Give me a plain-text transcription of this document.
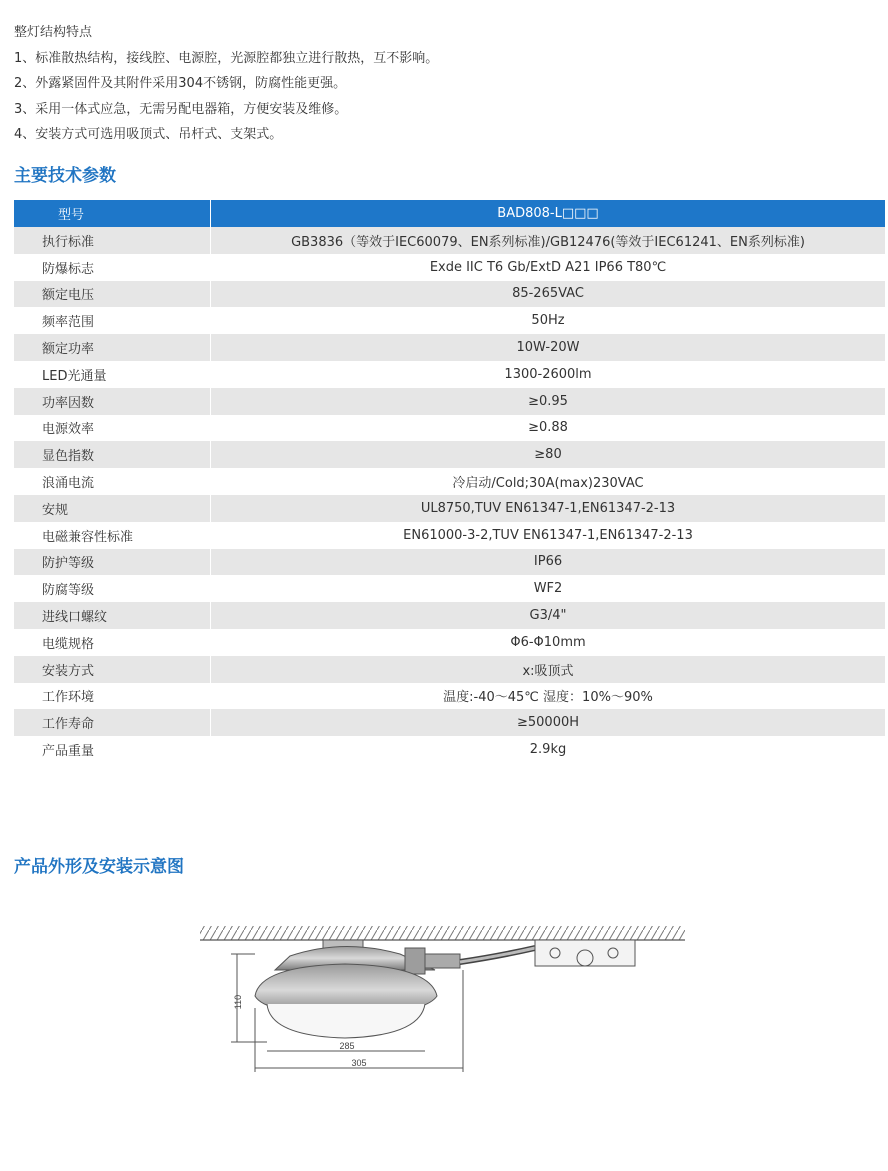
整灯结构特点
1、标准散热结构，接线腔、电源腔，光源腔都独立进行散热，互不影响。
2、外露紧固件及其附件采用304不锈钢，防腐性能更强。
3、采用一体式应急，无需另配电器箱，方便安装及维修。
4、安装方式可选用吸顶式、吊杆式、支架式。
主要技术参数
型号	BAD808-L□□□
执行标准	GB3836（等效于IEC60079、EN系列标准)/GB12476(等效于IEC61241、EN系列标准)
防爆标志	Exde IIC T6 Gb/ExtD A21 IP66 T80℃
额定电压	85-265VAC
频率范围	50Hz
额定功率	10W-20W
LED光通量	1300-2600lm
功率因数	≥0.95
电源效率	≥0.88
显色指数	≥80
浪涌电流	冷启动/Cold;30A(max)230VAC
安规	UL8750,TUV EN61347-1,EN61347-2-13
电磁兼容性标准	EN61000-3-2,TUV EN61347-1,EN61347-2-13
防护等级	IP66
防腐等级	WF2
进线口螺纹	G3/4"
电缆规格	Φ6-Φ10mm
安装方式	x:吸顶式
工作环境	温度:-40～45℃ 湿度：10%～90%
工作寿命	≥50000H
产品重量	2.9kg
产品外形及安装示意图
110
285
305
